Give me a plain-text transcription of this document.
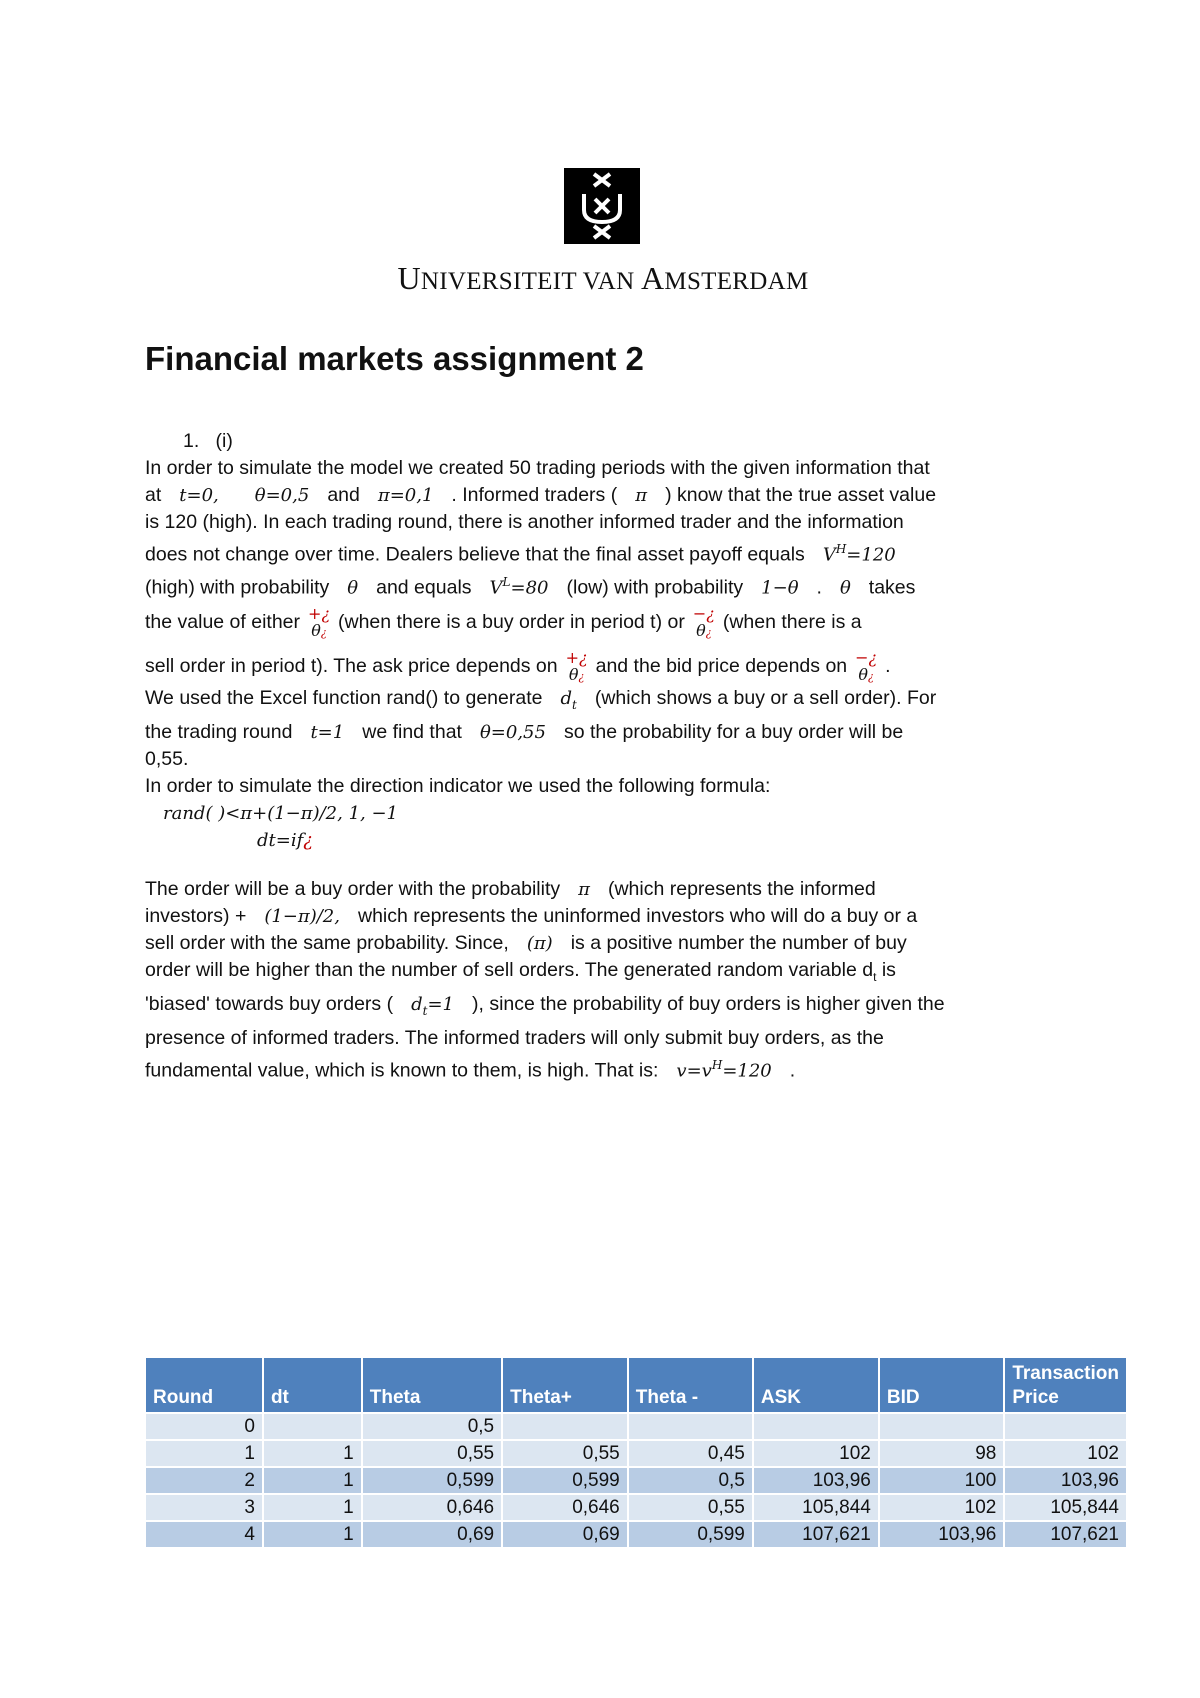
UNIVERSITEIT VAN AMSTERDAM
Financial markets assignment 2

1. (i)

In order to simulate the model we created 50 trading periods with the given information that

at t=0, θ=0,5 and π=0,1 . Informed traders ( π ) know that the true asset value

is 120 (high). In each trading round, there is another informed trader and the information

does not change over time. Dealers believe that the final asset payoff equals $V^H=120$

(high) with probability θ and equals $V^L=80$ (low) with probability 1−θ . θ takes

the value of either +¿
θ¿ (when there is a buy order in period t) or −¿
θ¿ (when there is a

sell order in period t). The ask price depends on +¿
θ¿ and the bid price depends on −¿
θ¿ .

We used the Excel function rand() to generate $d_t$ (which shows a buy or a sell order). For

the trading round t=1 we find that θ=0,55 so the probability for a buy order will be

0,55.

In order to simulate the direction indicator we used the following formula:

rand( )<π+(1−π)/2, 1, −1

dt=if¿

The order will be a buy order with the probability π (which represents the informed

investors) + (1−π)/2, which represents the uninformed investors who will do a buy or a

sell order with the same probability. Since, (π) is a positive number the number of buy

order will be higher than the number of sell orders. The generated random variable $d_t$ is

'biased' towards buy orders ( $d_t=1$ ), since the probability of buy orders is higher given the

presence of informed traders. The informed traders will only submit buy orders, as the

fundamental value, which is known to them, is high. That is: $v=v^H=120$ .

Round	dt	Theta	Theta+	Theta -	ASK	BID	Transaction Price
0		0,5					
1	1	0,55	0,55	0,45	102	98	102
2	1	0,599	0,599	0,5	103,96	100	103,96
3	1	0,646	0,646	0,55	105,844	102	105,844
4	1	0,69	0,69	0,599	107,621	103,96	107,621
